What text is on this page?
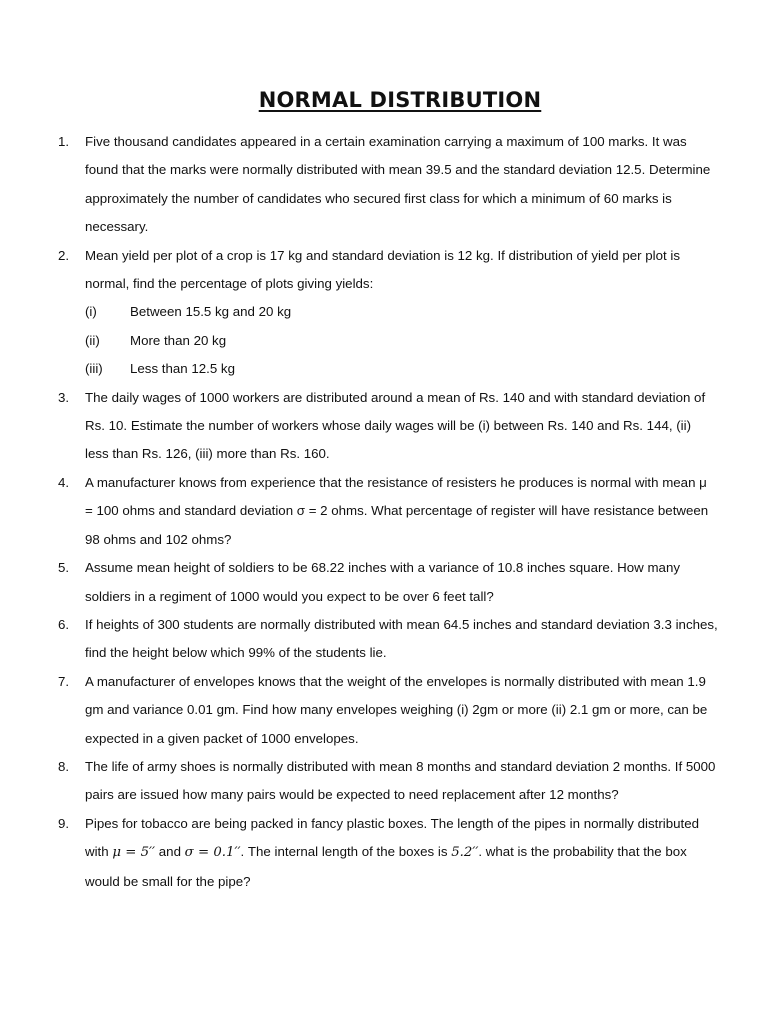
NORMAL DISTRIBUTION
1. Five thousand candidates appeared in a certain examination carrying a maximum of 100 marks. It was found that the marks were normally distributed with mean 39.5 and the standard deviation 12.5. Determine approximately the number of candidates who secured first class for which a minimum of 60 marks is necessary.
2. Mean yield per plot of a crop is 17 kg and standard deviation is 12 kg. If distribution of yield per plot is normal, find the percentage of plots giving yields:
(i) Between 15.5 kg and 20 kg
(ii) More than 20 kg
(iii) Less than 12.5 kg
3. The daily wages of 1000 workers are distributed around a mean of Rs. 140 and with standard deviation of Rs. 10. Estimate the number of workers whose daily wages will be (i) between Rs. 140 and Rs. 144, (ii) less than Rs. 126, (iii) more than Rs. 160.
4. A manufacturer knows from experience that the resistance of resisters he produces is normal with mean μ = 100 ohms and standard deviation σ = 2 ohms. What percentage of register will have resistance between 98 ohms and 102 ohms?
5. Assume mean height of soldiers to be 68.22 inches with a variance of 10.8 inches square. How many soldiers in a regiment of 1000 would you expect to be over 6 feet tall?
6. If heights of 300 students are normally distributed with mean 64.5 inches and standard deviation 3.3 inches, find the height below which 99% of the students lie.
7. A manufacturer of envelopes knows that the weight of the envelopes is normally distributed with mean 1.9 gm and variance 0.01 gm. Find how many envelopes weighing (i) 2gm or more (ii) 2.1 gm or more, can be expected in a given packet of 1000 envelopes.
8. The life of army shoes is normally distributed with mean 8 months and standard deviation 2 months. If 5000 pairs are issued how many pairs would be expected to need replacement after 12 months?
9. Pipes for tobacco are being packed in fancy plastic boxes. The length of the pipes in normally distributed with μ = 5′′ and σ = 0.1′′. The internal length of the boxes is 5.2′′. what is the probability that the box would be small for the pipe?
